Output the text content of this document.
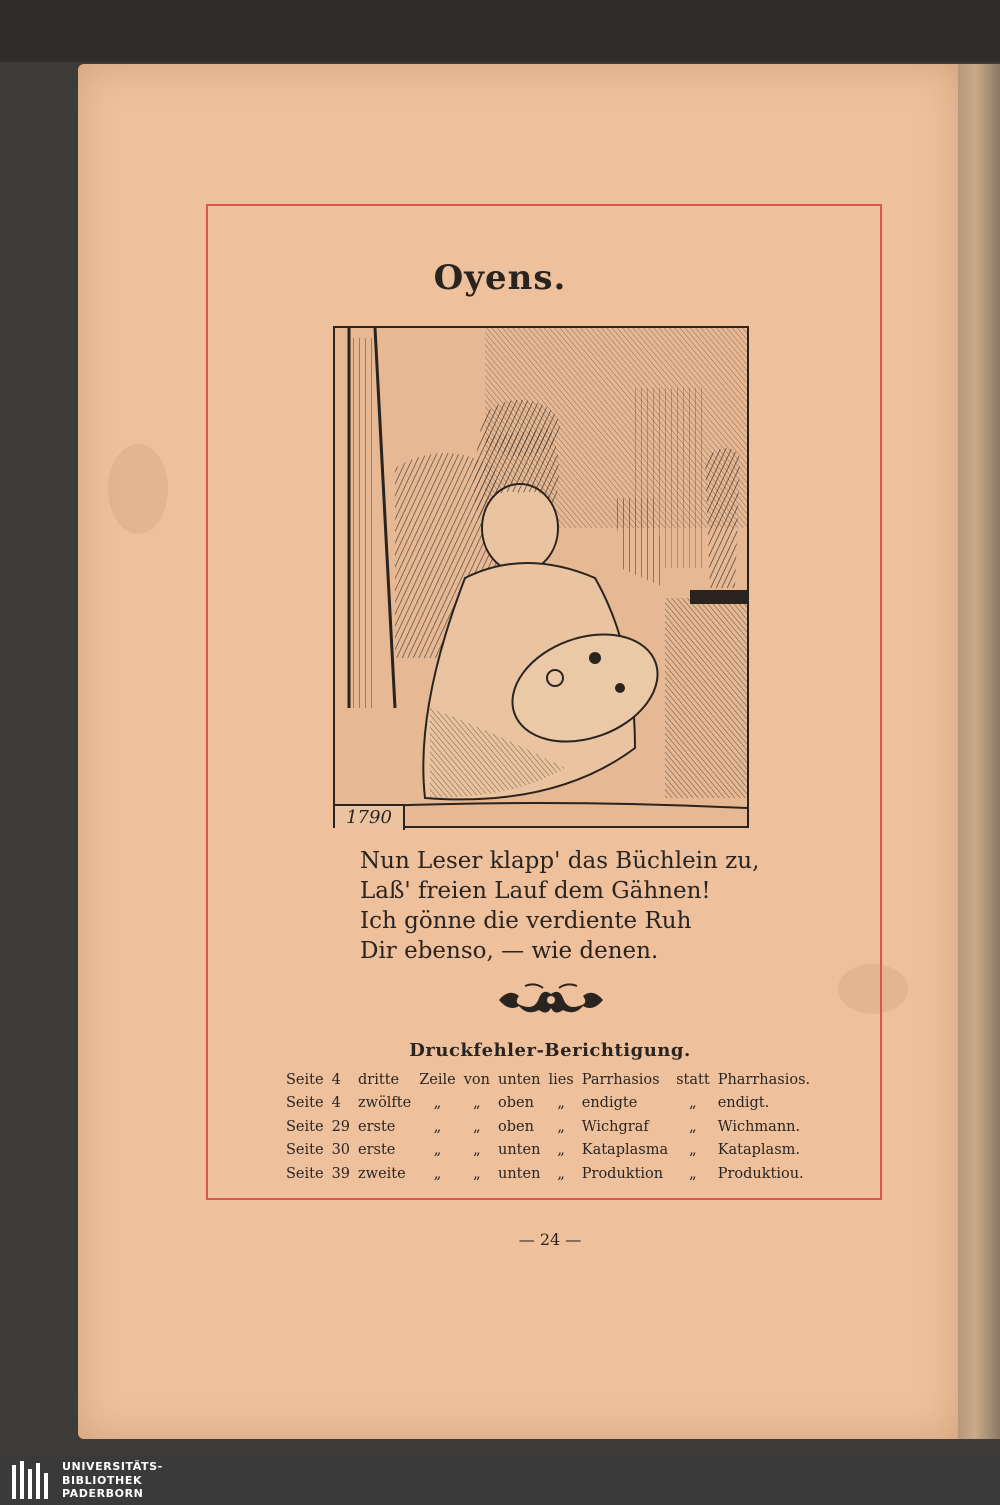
Oyens.
1790
Nun Leser klapp' das Büchlein zu,
Laß' freien Lauf dem Gähnen!
Ich gönne die verdiente Ruh
Dir ebenso, — wie denen.
Druckfehler-Berichtigung.
Seite	4	dritte	Zeile	von	unten	lies	Parrhasios	statt	Pharrhasios.
Seite	4	zwölfte	„	„	oben	„	endigte	„	endigt.
Seite	29	erste	„	„	oben	„	Wichgraf	„	Wichmann.
Seite	30	erste	„	„	unten	„	Kataplasma	„	Kataplasm.
Seite	39	zweite	„	„	unten	„	Produktion	„	Produktiou.
— 24 —
UNIVERSITÄTS-
BIBLIOTHEK
PADERBORN
